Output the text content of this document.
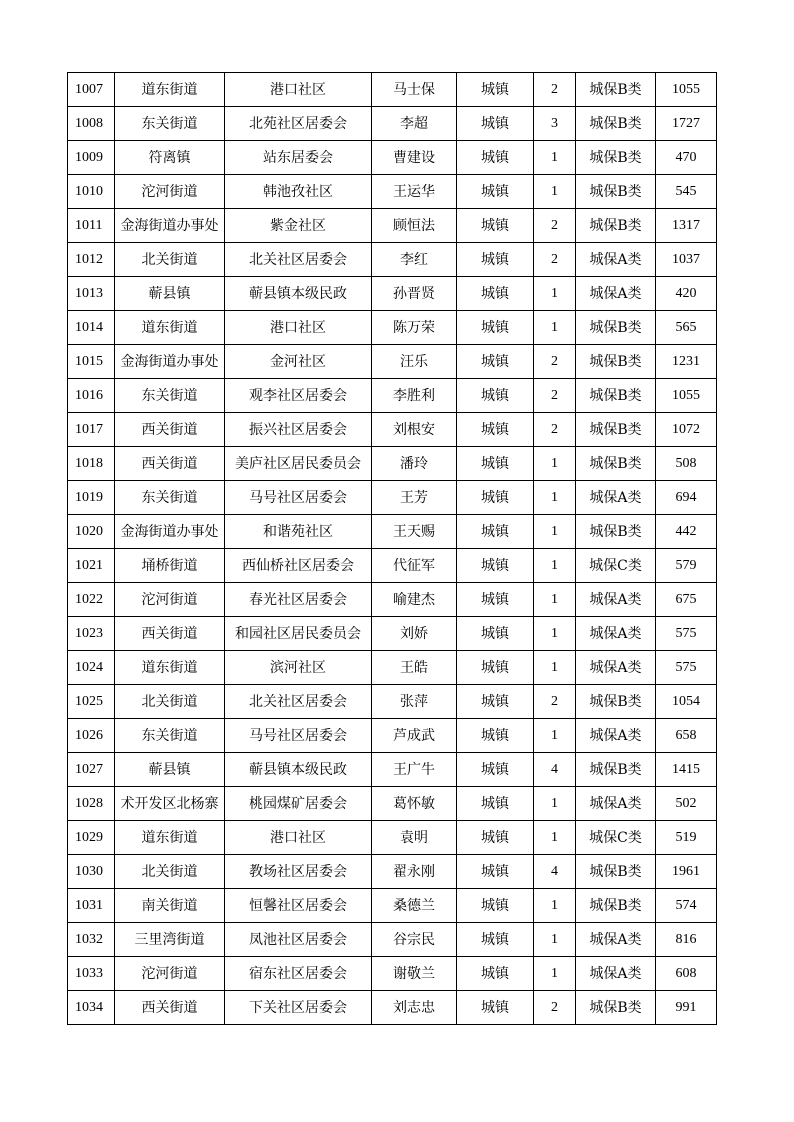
1007	道东街道	港口社区	马士保	城镇	2	城保B类	1055
1008	东关街道	北苑社区居委会	李超	城镇	3	城保B类	1727
1009	符离镇	站东居委会	曹建设	城镇	1	城保B类	470
1010	沱河街道	韩池孜社区	王运华	城镇	1	城保B类	545
1011	金海街道办事处	紫金社区	顾恒法	城镇	2	城保B类	1317
1012	北关街道	北关社区居委会	李红	城镇	2	城保A类	1037
1013	蕲县镇	蕲县镇本级民政	孙晋贤	城镇	1	城保A类	420
1014	道东街道	港口社区	陈万荣	城镇	1	城保B类	565
1015	金海街道办事处	金河社区	汪乐	城镇	2	城保B类	1231
1016	东关街道	观李社区居委会	李胜利	城镇	2	城保B类	1055
1017	西关街道	振兴社区居委会	刘根安	城镇	2	城保B类	1072
1018	西关街道	美庐社区居民委员会	潘玲	城镇	1	城保B类	508
1019	东关街道	马号社区居委会	王芳	城镇	1	城保A类	694
1020	金海街道办事处	和谐苑社区	王天赐	城镇	1	城保B类	442
1021	埇桥街道	西仙桥社区居委会	代征军	城镇	1	城保C类	579
1022	沱河街道	春光社区居委会	喻建杰	城镇	1	城保A类	675
1023	西关街道	和园社区居民委员会	刘娇	城镇	1	城保A类	575
1024	道东街道	滨河社区	王皓	城镇	1	城保A类	575
1025	北关街道	北关社区居委会	张萍	城镇	2	城保B类	1054
1026	东关街道	马号社区居委会	芦成武	城镇	1	城保A类	658
1027	蕲县镇	蕲县镇本级民政	王广牛	城镇	4	城保B类	1415
1028	术开发区北杨寨	桃园煤矿居委会	葛怀敏	城镇	1	城保A类	502
1029	道东街道	港口社区	袁明	城镇	1	城保C类	519
1030	北关街道	教场社区居委会	翟永刚	城镇	4	城保B类	1961
1031	南关街道	恒馨社区居委会	桑德兰	城镇	1	城保B类	574
1032	三里湾街道	凤池社区居委会	谷宗民	城镇	1	城保A类	816
1033	沱河街道	宿东社区居委会	谢敬兰	城镇	1	城保A类	608
1034	西关街道	下关社区居委会	刘志忠	城镇	2	城保B类	991
